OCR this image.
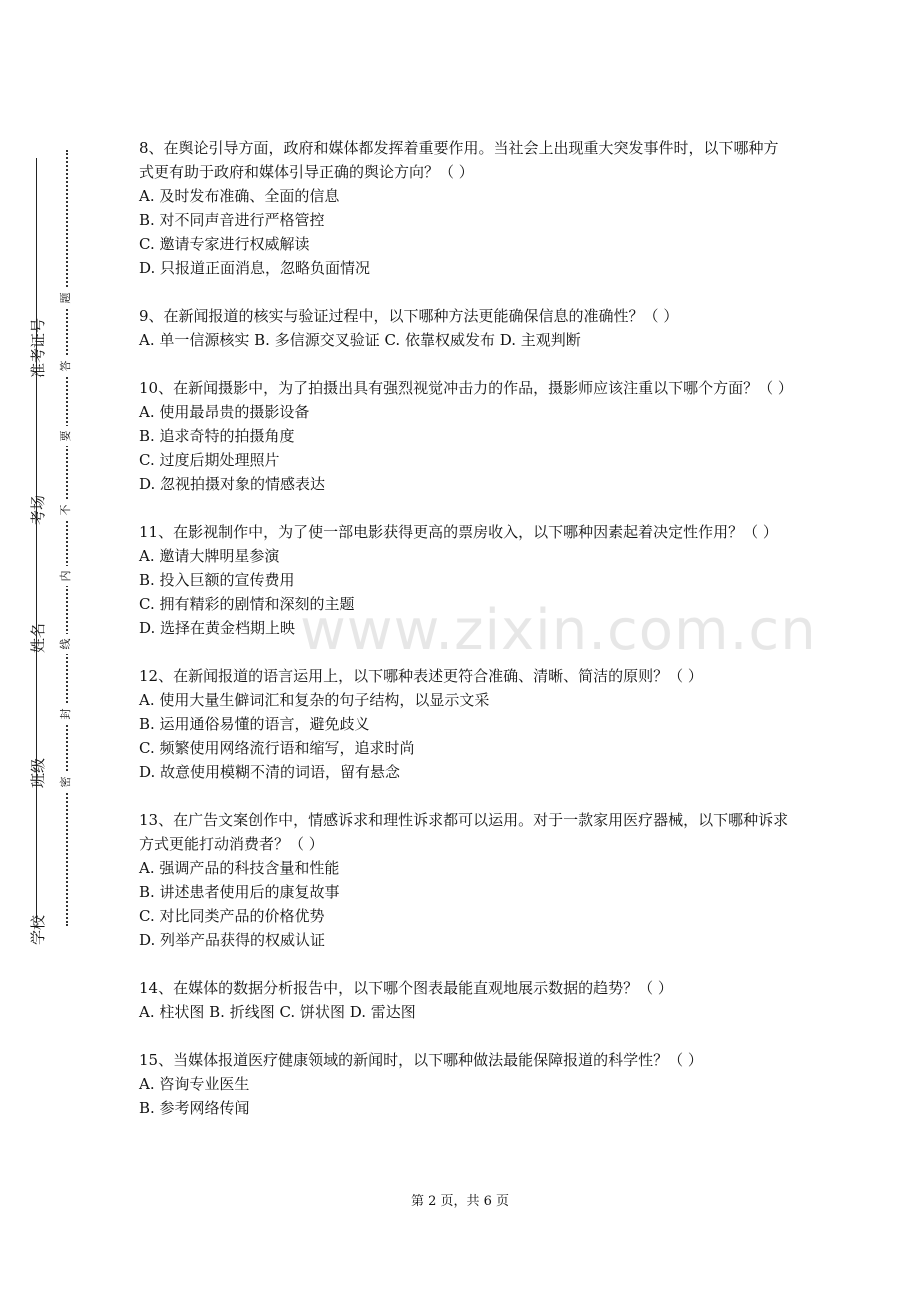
学校
班级
姓名
考场
准考证号
题
答
要
不
内
线
封
密

8、在舆论引导方面，政府和媒体都发挥着重要作用。当社会上出现重大突发事件时，以下哪种方式更有助于政府和媒体引导正确的舆论方向？（ ）

A. 及时发布准确、全面的信息
B. 对不同声音进行严格管控
C. 邀请专家进行权威解读
D. 只报道正面消息，忽略负面情况

9、在新闻报道的核实与验证过程中，以下哪种方法更能确保信息的准确性？（ ）

A. 单一信源核实 B. 多信源交叉验证 C. 依靠权威发布 D. 主观判断

10、在新闻摄影中，为了拍摄出具有强烈视觉冲击力的作品，摄影师应该注重以下哪个方面？（ ）

A. 使用最昂贵的摄影设备
B. 追求奇特的拍摄角度
C. 过度后期处理照片
D. 忽视拍摄对象的情感表达

11、在影视制作中，为了使一部电影获得更高的票房收入，以下哪种因素起着决定性作用？（ ）

A. 邀请大牌明星参演
B. 投入巨额的宣传费用
C. 拥有精彩的剧情和深刻的主题
D. 选择在黄金档期上映

12、在新闻报道的语言运用上，以下哪种表述更符合准确、清晰、简洁的原则？（ ）

A. 使用大量生僻词汇和复杂的句子结构，以显示文采
B. 运用通俗易懂的语言，避免歧义
C. 频繁使用网络流行语和缩写，追求时尚
D. 故意使用模糊不清的词语，留有悬念

13、在广告文案创作中，情感诉求和理性诉求都可以运用。对于一款家用医疗器械，以下哪种诉求方式更能打动消费者？（ ）

A. 强调产品的科技含量和性能
B. 讲述患者使用后的康复故事
C. 对比同类产品的价格优势
D. 列举产品获得的权威认证

14、在媒体的数据分析报告中，以下哪个图表最能直观地展示数据的趋势？（ ）

A. 柱状图 B. 折线图 C. 饼状图 D. 雷达图

15、当媒体报道医疗健康领域的新闻时，以下哪种做法最能保障报道的科学性？（ ）

A. 咨询专业医生
B. 参考网络传闻
www.zixin.com.cn
第 2 页，共 6 页
